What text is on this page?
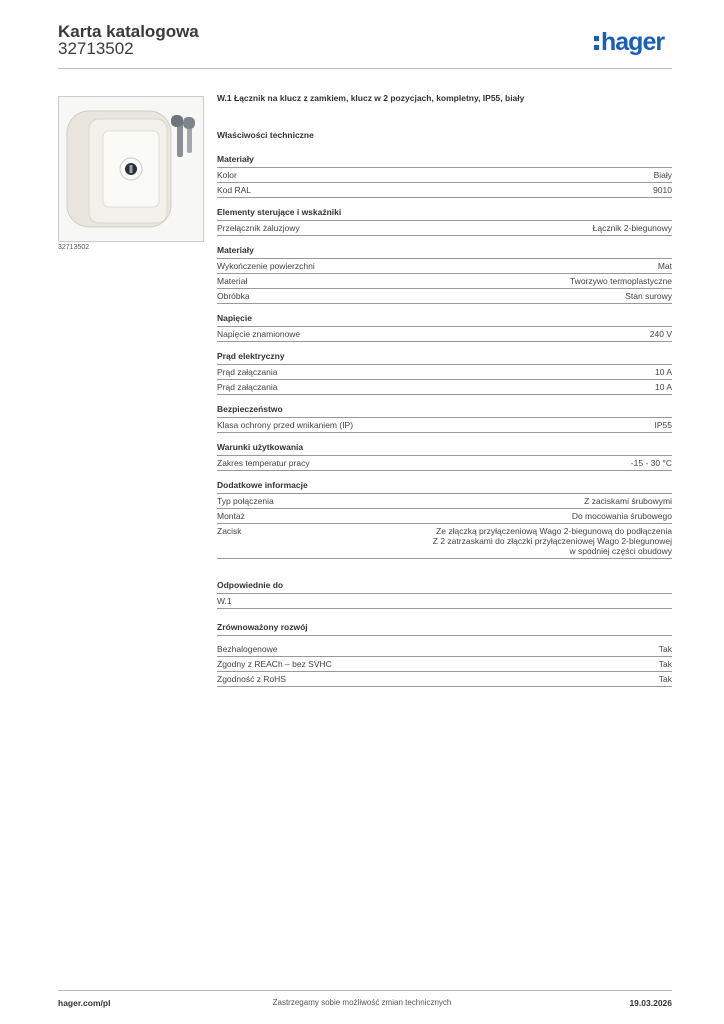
Karta katalogowa
32713502	hager
32713502
W.1 Łącznik na klucz z zamkiem, klucz w 2 pozycjach, kompletny, IP55, biały
Właściwości techniczne
Materiały
Kolor	Biały
Kod RAL	9010
Elementy sterujące i wskaźniki
Przełącznik żaluzjowy	Łącznik 2-biegunowy
Materiały
Wykończenie powierzchni	Mat
Materiał	Tworzywo termoplastyczne
Obróbka	Stan surowy
Napięcie
Napięcie znamionowe	240 V
Prąd elektryczny
Prąd załączania	10 A
Prąd załączania	10 A
Bezpieczeństwo
Klasa ochrony przed wnikaniem (IP)	IP55
Warunki użytkowania
Zakres temperatur pracy	-15 - 30 °C
Dodatkowe informacje
Typ połączenia	Z zaciskami śrubowymi
Montaż	Do mocowania śrubowego
Zacisk	Ze złączką przyłączeniową Wago 2-biegunową do podłączenia
Z 2 zatrzaskami do złączki przyłączeniowej Wago 2-biegunowej
w spodniej części obudowy
Odpowiednie do
W.1
Zrównoważony rozwój
Bezhalogenowe	Tak
Zgodny z REACh – bez SVHC	Tak
Zgodność z RoHS	Tak
hager.com/pl	Zastrzegamy sobie możliwość zmian technicznych	19.03.2026
